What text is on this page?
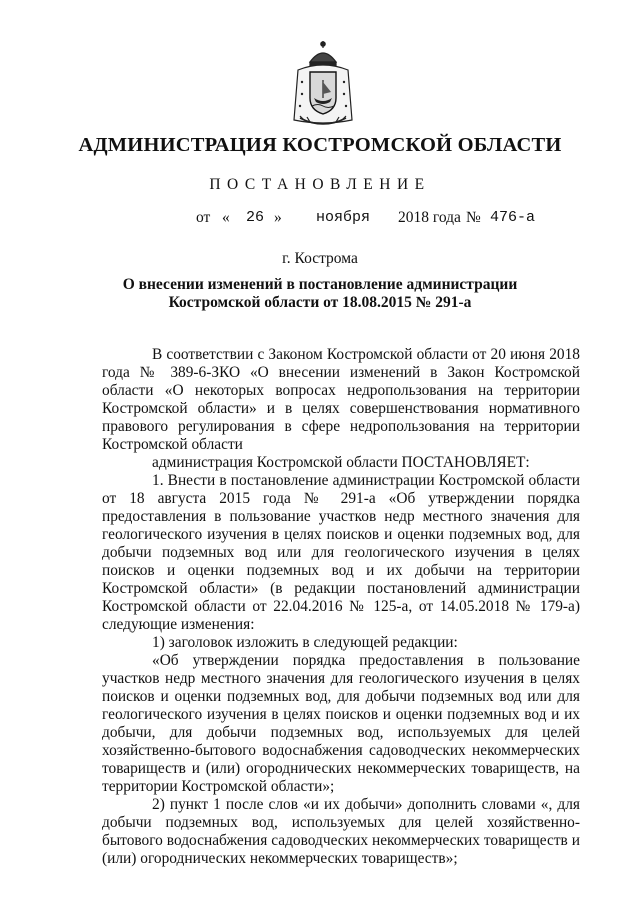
АДМИНИСТРАЦИЯ КОСТРОМСКОЙ ОБЛАСТИ
ПОСТАНОВЛЕНИЕ
от « 26 » ноября 2018 года № 476-а
г. Кострома
О внесении изменений в постановление администрации
Костромской области от 18.08.2015 № 291-а

В соответствии с Законом Костромской области от 20 июня 2018 года № 389-6-ЗКО «О внесении изменений в Закон Костромской области «О некоторых вопросах недропользования на территории Костромской области» и в целях совершенствования нормативного правового регулирования в сфере недропользования на территории Костромской области

администрация Костромской области ПОСТАНОВЛЯЕТ:

1. Внести в постановление администрации Костромской области от 18 августа 2015 года № 291-а «Об утверждении порядка предоставления в пользование участков недр местного значения для геологического изучения в целях поисков и оценки подземных вод, для добычи подземных вод или для геологического изучения в целях поисков и оценки подземных вод и их добычи на территории Костромской области» (в редакции постановлений администрации Костромской области от 22.04.2016 № 125-а, от 14.05.2018 № 179-а) следующие изменения:

1) заголовок изложить в следующей редакции:

«Об утверждении порядка предоставления в пользование участков недр местного значения для геологического изучения в целях поисков и оценки подземных вод, для добычи подземных вод или для геологического изучения в целях поисков и оценки подземных вод и их добычи, для добычи подземных вод, используемых для целей хозяйственно-бытового водоснабжения садоводческих некоммерческих товариществ и (или) огороднических некоммерческих товариществ, на территории Костромской области»;

2) пункт 1 после слов «и их добычи» дополнить словами «, для добычи подземных вод, используемых для целей хозяйственно-бытового водоснабжения садоводческих некоммерческих товариществ и (или) огороднических некоммерческих товариществ»;
